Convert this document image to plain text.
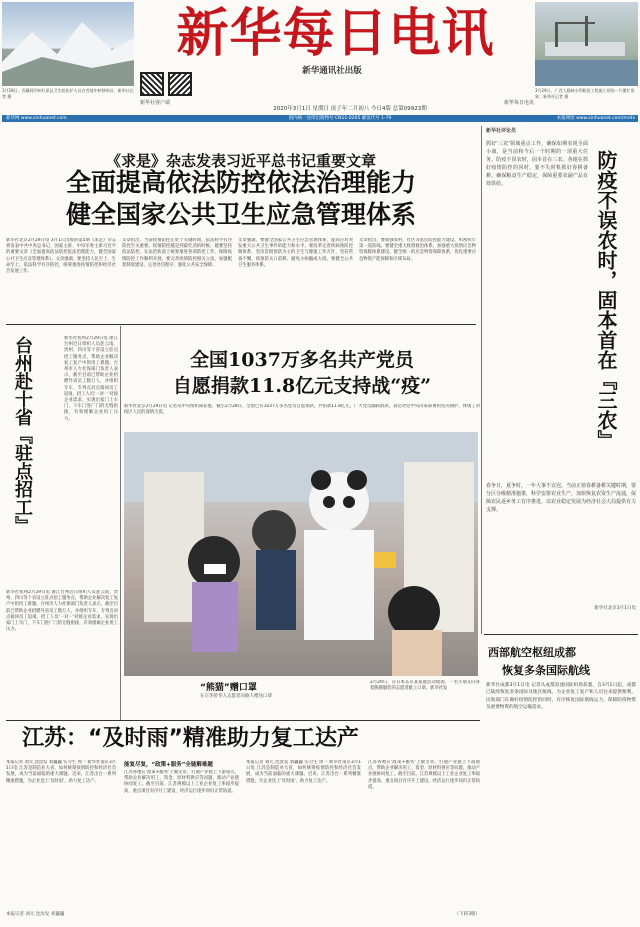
3月28日，西藏阿坝州红原县卫生院医护人员在雪地中转移病员；新华社记者 摄
3月29日，广西大藤峡水利枢纽工程施工现场一片繁忙景象；新华社记者 摄
新华每日电讯
新华通讯社出版
新华社客户端	新华每日电讯
2020年3月1日 星期日 庚子年二月初八 今日4版 总第09923期
新华网 www.xinhuanet.com	国内统一连续出版物号 CN11-0205 邮发代号 1-79	本报网址 www.xinhuanet.com/mrdx
《求是》杂志发表习近平总书记重要文章
全面提高依法防控依法治理能力
健全国家公共卫生应急管理体系
新华社北京2月29日电 3月1日出版的第5期《求是》杂志将发表中共中央总书记、国家主席、中央军委主席习近平的重要文章《全面提高依法防控依法治理能力，健全国家公共卫生应急管理体系》。文章强调，要坚持人民至上、生命至上，依法科学有序防控，统筹推进疫情防控和经济社会发展工作。
文章指出，当前疫情防控正处于关键时期，依法科学有序防控至关重要。疫情防控越是到最吃劲的时候，越要坚持依法防控，在法治轨道上统筹推进各项防控工作，保障疫情防控工作顺利开展。要完善疫情防控相关立法，加强配套制度建设，完善处罚程序，强化公共安全保障。
文章强调，要健全国家公共卫生应急管理体系，提高应对突发重大公共卫生事件的能力和水平。要改革完善疾病预防控制体系，坚决贯彻预防为主的卫生与健康工作方针，坚持常备不懈，将预防关口前移，避免小病酿成大疫。要健全公共卫生服务体系。
文章指出，要加强农村、社区等基层防控能力建设，织密织牢第一道防线。要健全重大疫情救治体系，加强重大疫情应急物资保障体系建设，健全统一的应急物资保障体系，优化重要应急物资产能保障和区域布局。
新华社评论员
防疫不误农时，固本首在『三农』
抓好'三农'领域重点工作，确保如期实现全面小康，是当前和今后一个时期的一项重大任务。防疫不误农时，固本首在三农。各地在抓好疫情防控的同时，要不失时机抓好春耕备耕，确保粮食生产稳定，保障重要农副产品有效供给。
春争日，夏争时，一年大事不宜迟。当前正值春耕备耕关键时期，要分区分级精准施策，科学安排农业生产，加快恢复农资生产流通，保障农民返乡务工有序推进，以农业稳定发展为经济社会大局提供有力支撑。
新华社北京3月1日电
台州赴十省『驻点招工』	新华社杭州2月29日电 浙江台州近日组织人员赴云南、贵州、四川等十省设立驻点招工服务点，帮助企业解决复工复产中的用工难题。台州市人力社保部门负责人表示，截至目前已帮助企业招聘外省员工数万人，并组织专车、专列点对点接回员工返岗。招工人员'一对一'对接企业需求，实现出家门上车门、下车门进厂门的无缝衔接，有效缓解企业用工压力。
新华社杭州2月29日电 浙江台州近日组织人员赴云南、贵州、四川等十省设立驻点招工服务点，帮助企业解决复工复产中的用工难题。台州市人力社保部门负责人表示，截至目前已帮助企业招聘外省员工数万人，并组织专车、专列点对点接回员工返岗。招工人员'一对一'对接企业需求，实现出家门上车门、下车门进厂门的无缝衔接，有效缓解企业用工压力。
全国1037万多名共产党员
自愿捐款11.8亿元支持战“疫”
新华社北京2月29日电 记者从中央组织部获悉，截至2月28日，全国已有1037万多名党员自愿捐款，共捐款11.8亿元。广大党员踊跃捐款，表达对党中央决策部署的坚决拥护，体现了对疫区人民的深情大爱。
“熊猫”赠口罩
在日华侨华人志愿者向路人赠送口罩
2月29日，在日本东京某家庭活动现场，一名小朋友向身着熊猫服装的志愿者献上口罩。新华社发
西部航空枢纽成都
恢复多条国际航线
新华社成都3月1日电 记者从成都双流国际机场获悉，自3月1日起，成都已陆续恢复多条国际及地区航线，为企业复工复产和人员往来提供便利。民航部门在做好疫情防控的同时，有序恢复国际航线运力，保障防疫物资及重要物资的航空运输需求。
江苏：“及时雨”精准助力复工达产
本报记者 刘元 沈汝发 刘巍巍 实习生 周一 新华社南京3月1日电 江苏是制造业大省，如何统筹疫情防控和经济社会发展，成为当前面临的重大课题。近来，江苏出台一系列精准措施，为企业送上'及时雨'，助力复工达产。
能复尽复，“政策+服务”全链解难题
江苏各地在'政策+服务'上做文章，打通产业链上下游堵点，帮助企业解决用工、资金、原材料供应等问题，推动产业链协同复工。截至目前，江苏规模以上工业企业复工率稳步提高，重点项目有序开工建设，经济运行逐步回归正常轨道。
本报记者 刘元 沈汝发 刘巍巍 实习生 周一 新华社南京3月1日电 江苏是制造业大省，如何统筹疫情防控和经济社会发展，成为当前面临的重大课题。近来，江苏出台一系列精准措施，为企业送上'及时雨'，助力复工达产。
江苏各地在'政策+服务'上做文章，打通产业链上下游堵点，帮助企业解决用工、资金、原材料供应等问题，推动产业链协同复工。截至目前，江苏规模以上工业企业复工率稳步提高，重点项目有序开工建设，经济运行逐步回归正常轨道。
本报记者 刘元 沈汝发 刘巍巍	（下转3版）
